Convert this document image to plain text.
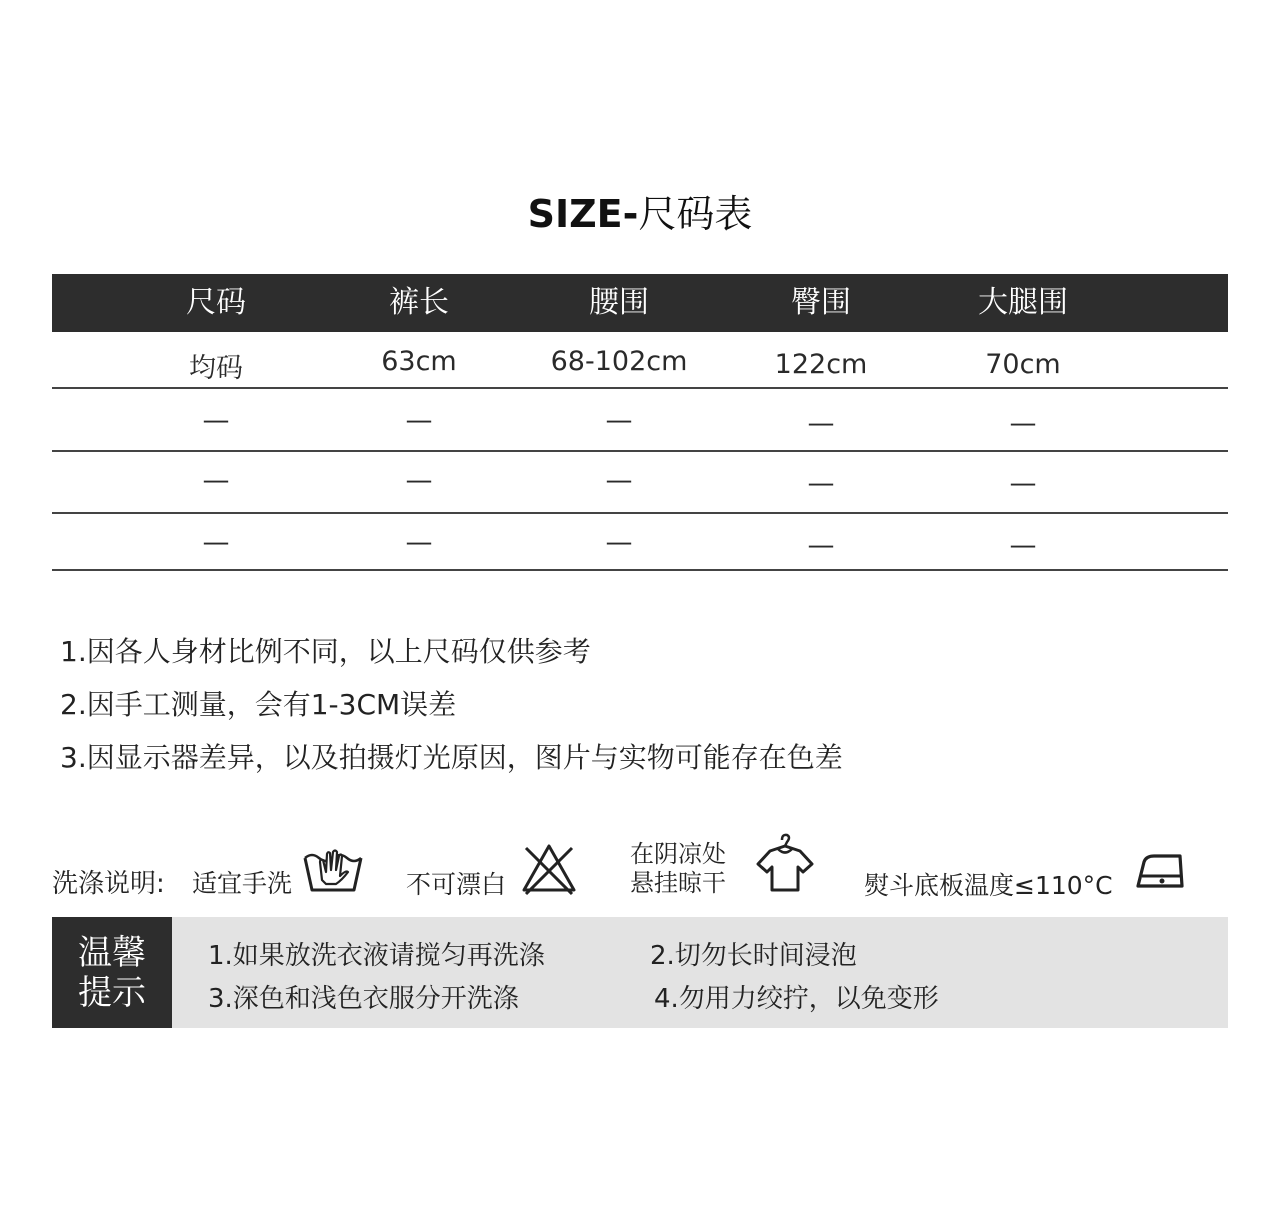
SIZE-尺码表
尺码	裤长	腰围	臀围	大腿围
均码	63cm	68-102cm	122cm	70cm
—	—	—	—	—
—	—	—	—	—
—	—	—	—	—
1.因各人身材比例不同，以上尺码仅供参考
2.因手工测量，会有1-3CM误差
3.因显示器差异，以及拍摄灯光原因，图片与实物可能存在色差
洗涤说明: 适宜手洗	不可漂白
在阴凉处
悬挂晾干	熨斗底板温度≤110°C
温馨
提示
1.如果放洗衣液请搅匀再洗涤	2.切勿长时间浸泡
3.深色和浅色衣服分开洗涤	4.勿用力绞拧，以免变形
